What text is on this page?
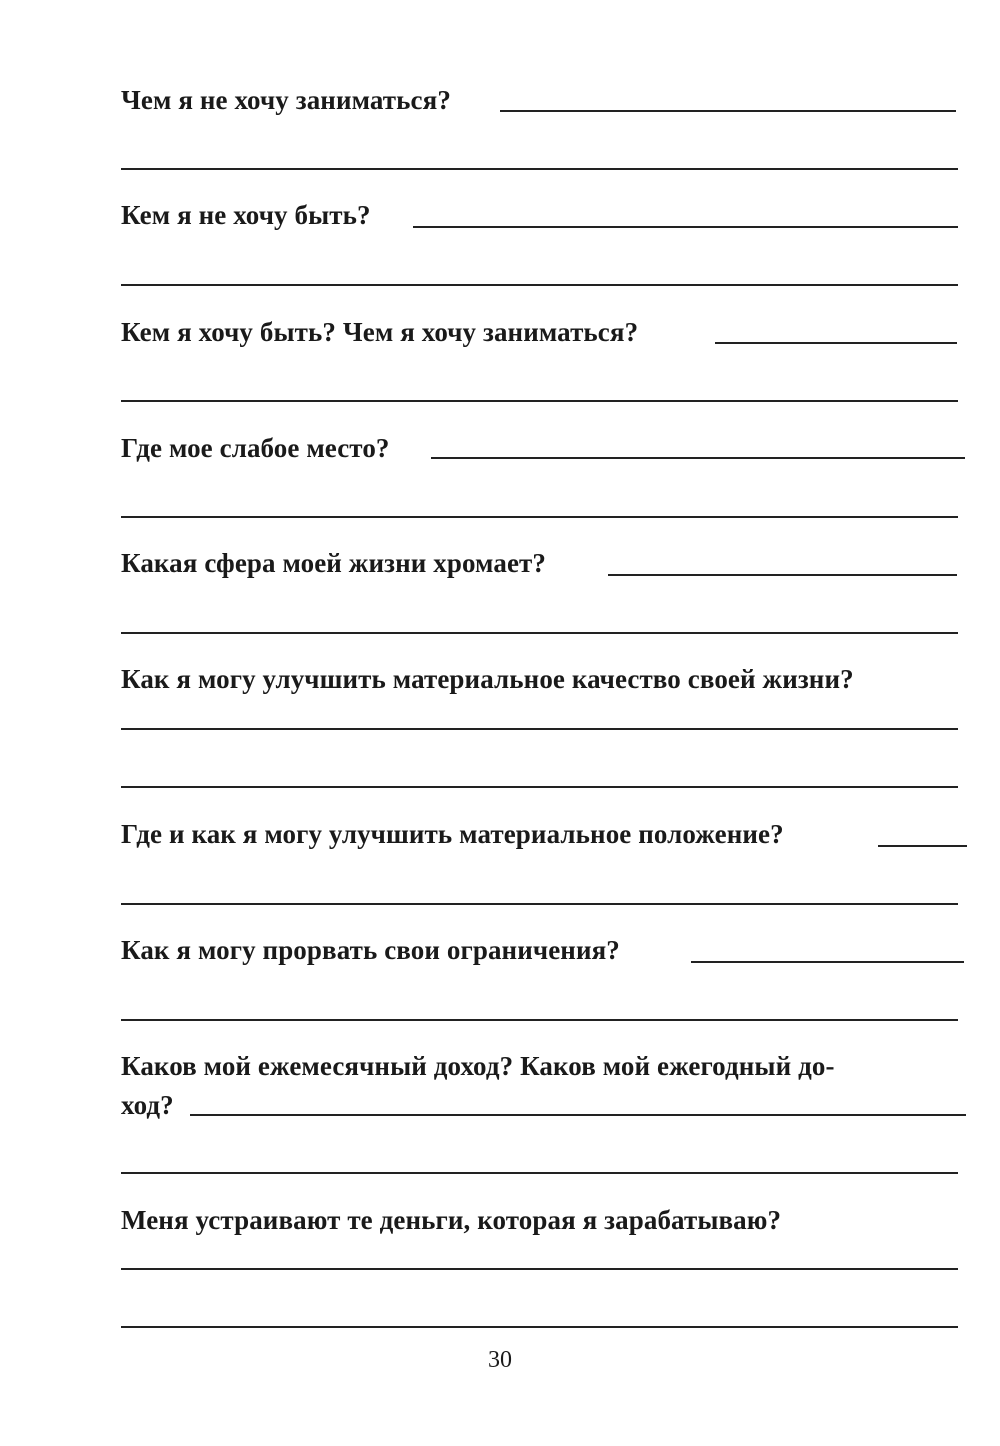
Чем я не хочу заниматься?
Кем я не хочу быть?
Кем я хочу быть? Чем я хочу заниматься?
Где мое слабое место?
Какая сфера моей жизни хромает?
Как я могу улучшить материальное качество своей жизни?
Где и как я могу улучшить материальное положение?
Как я могу прорвать свои ограничения?
Каков мой ежемесячный доход? Каков мой ежегодный до-
ход?
Меня устраивают те деньги, которая я зарабатываю?
30
